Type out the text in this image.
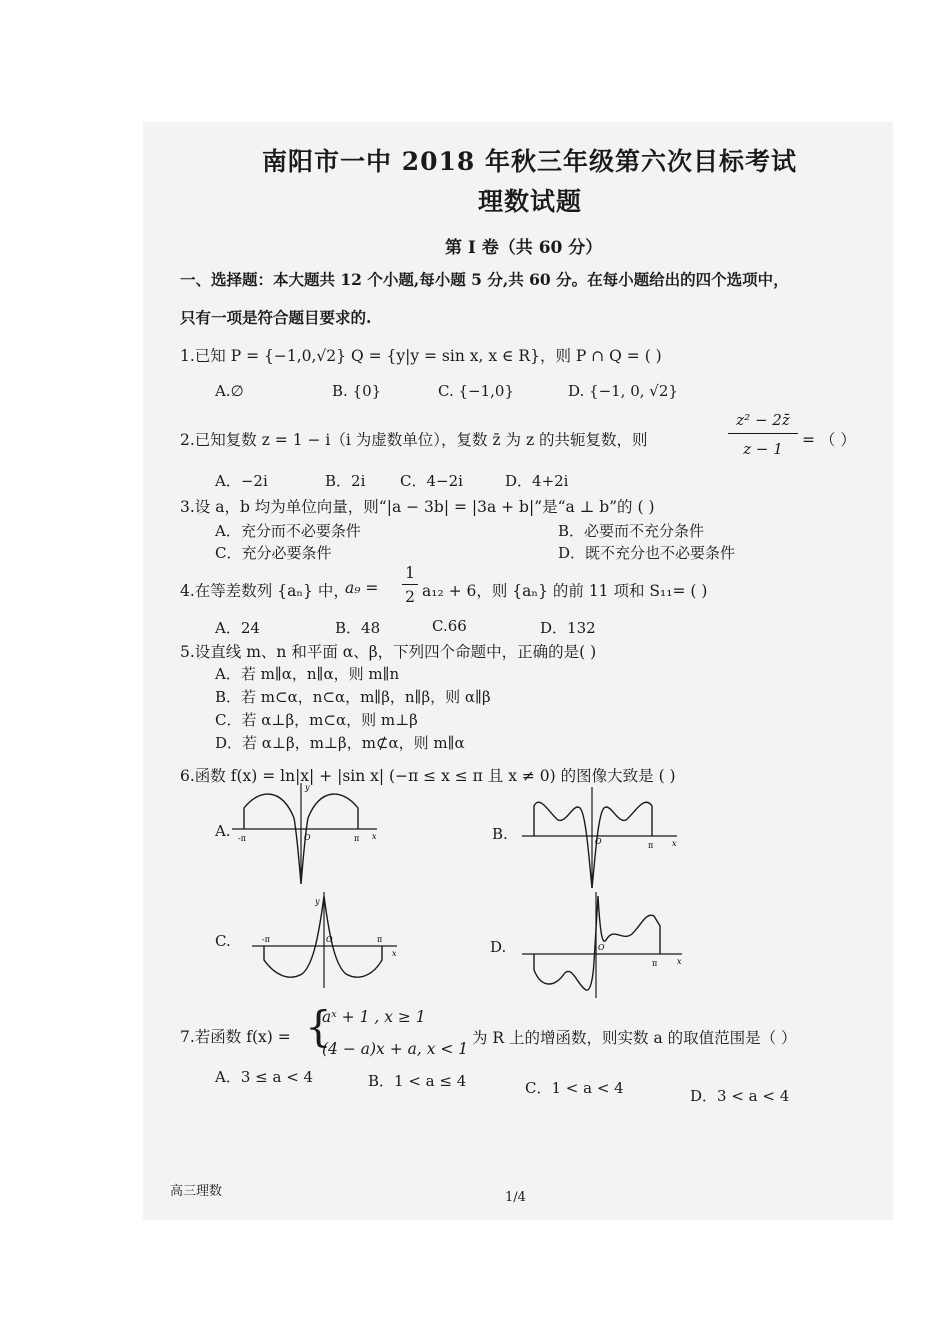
南阳市一中 2018 年秋三年级第六次目标考试
理数试题
第 I 卷（共 60 分）
一、选择题：本大题共 12 个小题,每小题 5 分,共 60 分。在每小题给出的四个选项中，
只有一项是符合题目要求的.
1.已知 P = {−1,0,√2} Q = {y|y = sin x, x ∈ R}，则 P ∩ Q = ( )
A.∅	B. {0}	C. {−1,0}	D. {−1, 0, √2}
2.已知复数 z = 1 − i（i 为虚数单位），复数 z̄ 为 z 的共轭复数，则
z² − 2z̄
z − 1	= （ ）
A．−2i	B．2i C．4−2i	D．4+2i
3.设 a，b 均为单位向量，则“|a − 3b| = |3a + b|”是“a ⊥ b”的 ( )
A．充分而不必要条件	B．必要而不充分条件
C．充分必要条件	D．既不充分也不必要条件
4.在等差数列 {aₙ} 中，
a₉ =
1
2 a₁₂ + 6，则 {aₙ} 的前 11 项和 S₁₁= ( )
A．24	B．48	C.66	D．132
5.设直线 m、n 和平面 α、β，下列四个命题中，正确的是( )
A．若 m∥α，n∥α，则 m∥n
B．若 m⊂α，n⊂α，m∥β，n∥β，则 α∥β
C．若 α⊥β，m⊂α，则 m⊥β
D．若 α⊥β，m⊥β，m⊄α，则 m∥α
6.函数 f(x) = ln|x| + |sin x| (−π ≤ x ≤ π 且 x ≠ 0) 的图像大致是 ( )
A.	B.
C.	D.
-π	π x
y
O
π x
O
-π	π
x
y
O
π x
O
7.若函数 f(x) = {
aˣ + 1 , x ≥ 1
(4 − a)x + a, x < 1
为 R 上的增函数，则实数 a 的取值范围是（ ）
A．3 ≤ a < 4	B．1 < a ≤ 4	C．1 < a < 4	D．3 < a < 4
高三理数	1/4
